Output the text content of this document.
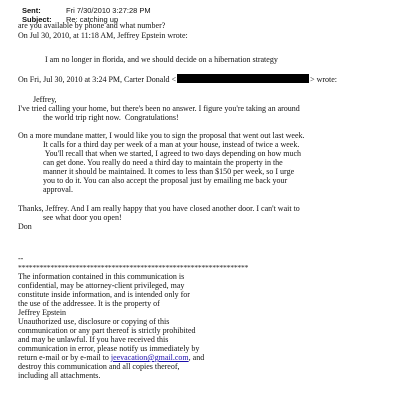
Sent:	Fri 7/30/2010 3:27:28 PM

Subject: Re: catching up

are you available by phone and what number?
On Jul 30, 2010, at 11:18 AM, Jeffrey Epstein wrote:
I am no longer in florida, and we should decide on a hibernation strategy
On Fri, Jul 30, 2010 at 3:24 PM, Carter Donald <	> wrote:
Jeffrey,
I've tried calling your home, but there's been no answer. I figure you're taking an around
the world trip right now.  Congratulations!
On a more mundane matter, I would like you to sign the proposal that went out last week.
It calls for a third day per week of a man at your house, instead of twice a week.
You'll recall that when we started, I agreed to two days depending on how much
can get done. You really do need a third day to maintain the property in the
manner it should be maintained. It comes to less than $150 per week, so I urge
you to do it. You can also accept the proposal just by emailing me back your
approval.
Thanks, Jeffrey. And I am really happy that you have closed another door. I can't wait to
see what door you open!
Don
--
****************************************************************
The information contained in this communication is
confidential, may be attorney-client privileged, may
constitute inside information, and is intended only for
the use of the addressee. It is the property of
Jeffrey Epstein
Unauthorized use, disclosure or copying of this
communication or any part thereof is strictly prohibited
and may be unlawful. If you have received this
communication in error, please notify us immediately by
return e-mail or by e-mail to jeevacation@gmail.com, and
destroy this communication and all copies thereof,
including all attachments.
